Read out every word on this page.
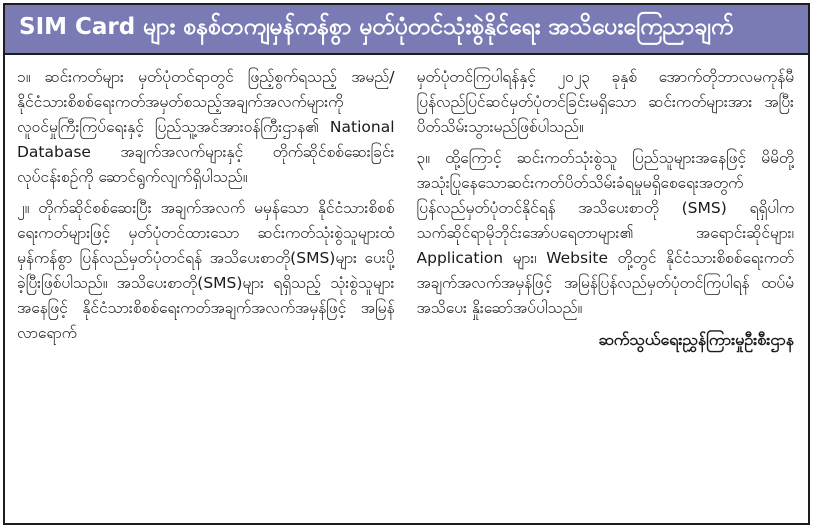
SIM Card များ စနစ်တကျမှန်ကန်စွာ မှတ်ပုံတင်သုံးစွဲနိုင်ရေး အသိပေးကြေညာချက်

၁။ ဆင်းကတ်များ မှတ်ပုံတင်ရာတွင် ဖြည့်စွက်ရသည့် အမည်/နိုင်ငံသားစိစစ်ရေးကတ်အမှတ်စသည့်အချက်အလက်များကို လူဝင်မှုကြီးကြပ်ရေးနှင့် ပြည်သူ့အင်အားဝန်ကြီးဌာန၏ National Database အချက်အလက်များနှင့် တိုက်ဆိုင်စစ်ဆေးခြင်း လုပ်ငန်းစဉ်ကို ဆောင်ရွက်လျက်ရှိပါသည်။

၂။ တိုက်ဆိုင်စစ်ဆေးပြီး အချက်အလက် မမှန်သော နိုင်ငံသားစိစစ်ရေးကတ်များဖြင့် မှတ်ပုံတင်ထားသော ဆင်းကတ်သုံးစွဲသူများထံ မှန်ကန်စွာ ပြန်လည်မှတ်ပုံတင်ရန် အသိပေးစာတို(SMS)များ ပေးပို့ခဲ့ပြီးဖြစ်ပါသည်။ အသိပေးစာတို(SMS)များ ရရှိသည့် သုံးစွဲသူများအနေဖြင့် နိုင်ငံသားစိစစ်ရေးကတ်အချက်အလက်အမှန်ဖြင့် အမြန်လာရောက်

မှတ်ပုံတင်ကြပါရန်နှင့် ၂၀၂၃ ခုနှစ် အောက်တိုဘာလမကုန်မီ ပြန်လည်ပြင်ဆင်မှတ်ပုံတင်ခြင်းမရှိသော ဆင်းကတ်များအား အပြီးပိတ်သိမ်းသွားမည်ဖြစ်ပါသည်။

၃။ ထို့ကြောင့် ဆင်းကတ်သုံးစွဲသူ ပြည်သူများအနေဖြင့် မိမိတို့အသုံးပြုနေသောဆင်းကတ်ပိတ်သိမ်းခံရမှုမရှိစေရေးအတွက် ပြန်လည်မှတ်ပုံတင်နိုင်ရန် အသိပေးစာတို (SMS) ရရှိပါက သက်ဆိုင်ရာမိုဘိုင်းအော်ပရေတာများ၏ အရောင်းဆိုင်များ၊ Application များ၊ Website တို့တွင် နိုင်ငံသားစိစစ်ရေးကတ် အချက်အလက်အမှန်ဖြင့် အမြန်ပြန်လည်မှတ်ပုံတင်ကြပါရန် ထပ်မံအသိပေး နှိုးဆော်အပ်ပါသည်။

ဆက်သွယ်ရေးညွှန်ကြားမှုဦးစီးဌာန
